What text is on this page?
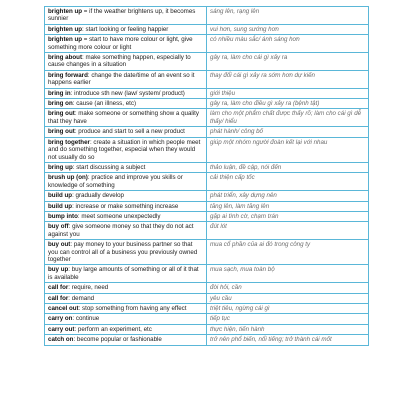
brighten up = if the weather brightens up, it becomes sunnier	sáng lên, rạng lên
brighten up: start looking or feeling happier	vui hơn, sung sướng hơn
brighten up = start to have more colour or light, give something more colour or light	có nhiều màu sắc/ ánh sáng hơn
bring about: make something happen, especially to cause changes in a situation	gây ra, làm cho cái gì xảy ra
bring forward: change the date/time of an event so it happens earlier	thay đổi cái gì xảy ra sớm hơn dự kiến
bring in: introduce sth new (law/ system/ product)	giới thiệu
bring on: cause (an illness, etc)	gây ra, làm cho điều gì xảy ra (bệnh tật)
bring out: make someone or something show a quality that they have	làm cho một phẩm chất được thấy rõ; làm cho cái gì dễ thấy/ hiểu
bring out: produce and start to sell a new product	phát hành/ công bố
bring together: create a situation in which people meet and do something together, especial when they would not usually do so	giúp một nhóm người đoàn kết lại với nhau
bring up: start discussing a subject	thảo luận, đề cập, nói đến
brush up (on): practice and improve you skills or knowledge of something	cải thiện cấp tốc
build up: gradually develop	phát triển, xây dựng nên
build up: increase or make something increase	tăng lên, làm tăng lên
bump into: meet someone unexpectedly	gặp ai tình cờ, chạm trán
buy off: give someone money so that they do not act against you	đút lót
buy out: pay money to your business partner so that you can control all of a business you previously owned together	mua cổ phần của ai đó trong công ty
buy up: buy large amounts of something or all of it that is available	mua sạch, mua toàn bộ
call for: require, need	đòi hỏi, cần
call for: demand	yêu cầu
cancel out: stop something from having any effect	triệt tiêu, ngừng cái gì
carry on: continue	tiếp tục
carry out: perform an experiment, etc	thực hiện, tiến hành
catch on: become popular or fashionable	trở nên phổ biến, nổi tiếng; trở thành cái mốt
